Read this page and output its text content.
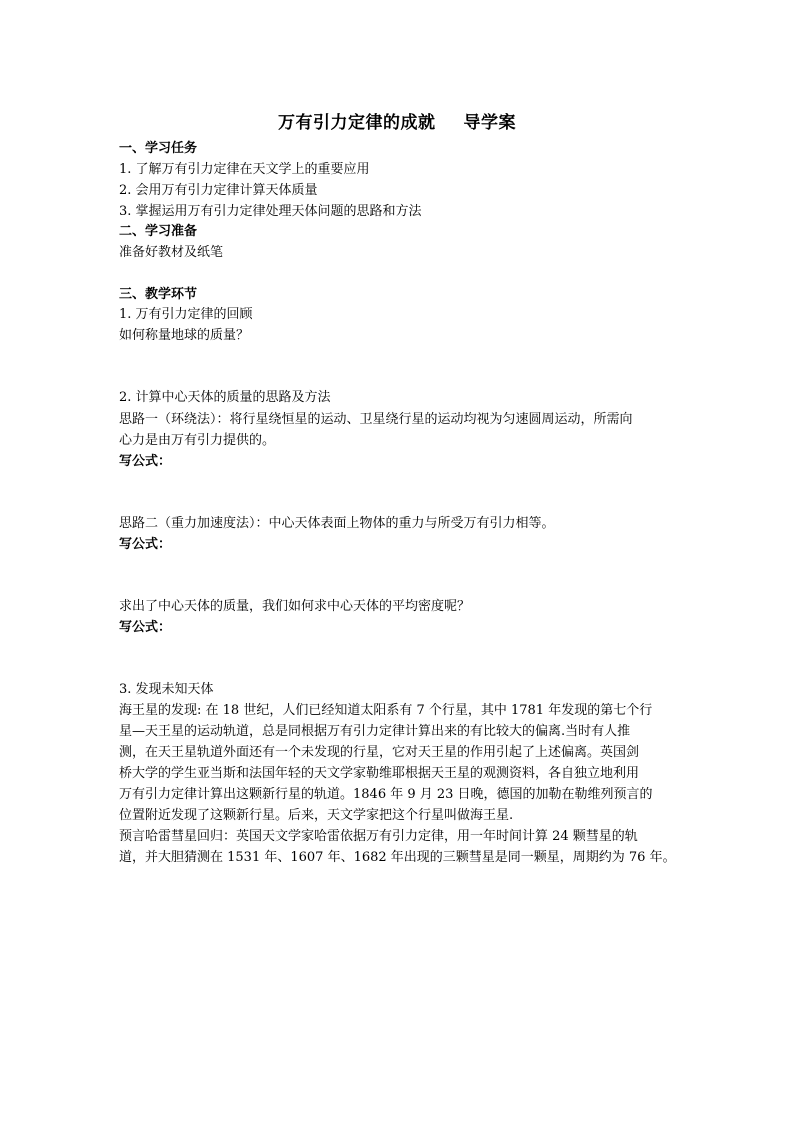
万有引力定律的成就 导学案
一、学习任务
1. 了解万有引力定律在天文学上的重要应用
2. 会用万有引力定律计算天体质量
3. 掌握运用万有引力定律处理天体问题的思路和方法
二、学习准备
准备好教材及纸笔
三、教学环节
1. 万有引力定律的回顾
如何称量地球的质量？
2. 计算中心天体的质量的思路及方法
思路一（环绕法）：将行星绕恒星的运动、卫星绕行星的运动均视为匀速圆周运动，所需向
心力是由万有引力提供的。
写公式：
思路二（重力加速度法）：中心天体表面上物体的重力与所受万有引力相等。
写公式：
求出了中心天体的质量，我们如何求中心天体的平均密度呢？
写公式：
3. 发现未知天体
海王星的发现: 在 18 世纪，人们已经知道太阳系有 7 个行星，其中 1781 年发现的第七个行
星—天王星的运动轨道，总是同根据万有引力定律计算出来的有比较大的偏离.当时有人推
测，在天王星轨道外面还有一个未发现的行星，它对天王星的作用引起了上述偏离。英国剑
桥大学的学生亚当斯和法国年轻的天文学家勒维耶根据天王星的观测资料，各自独立地利用
万有引力定律计算出这颗新行星的轨道。1846 年 9 月 23 日晚，德国的加勒在勒维列预言的
位置附近发现了这颗新行星。后来，天文学家把这个行星叫做海王星.
预言哈雷彗星回归：英国天文学家哈雷依据万有引力定律，用一年时间计算 24 颗彗星的轨
道，并大胆猜测在 1531 年、1607 年、1682 年出现的三颗彗星是同一颗星，周期约为 76 年。
